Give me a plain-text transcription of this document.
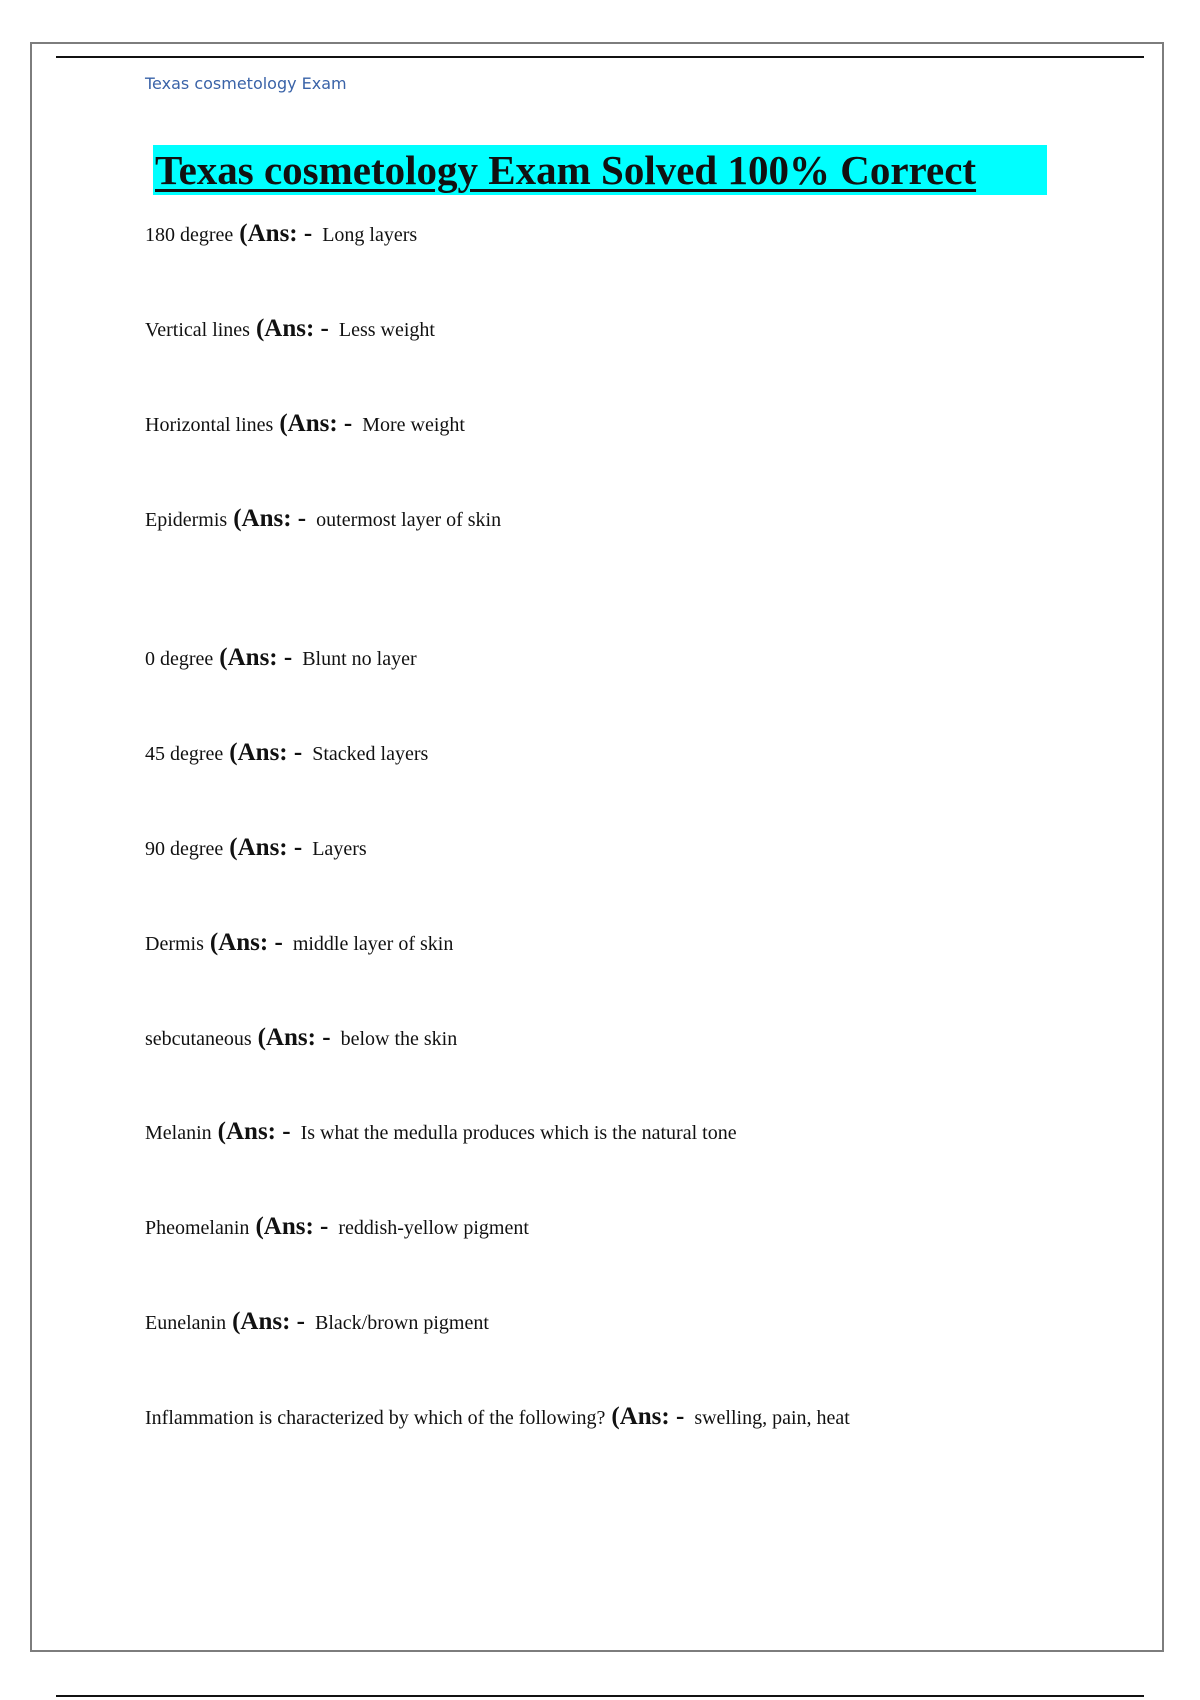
Texas cosmetology Exam
Texas cosmetology Exam Solved 100% Correct
180 degree (Ans: - Long layers
Vertical lines (Ans: - Less weight
Horizontal lines (Ans: - More weight
Epidermis (Ans: - outermost layer of skin
0 degree (Ans: - Blunt no layer
45 degree (Ans: - Stacked layers
90 degree (Ans: - Layers
Dermis (Ans: - middle layer of skin
sebcutaneous (Ans: - below the skin
Melanin (Ans: - Is what the medulla produces which is the natural tone
Pheomelanin (Ans: - reddish-yellow pigment
Eunelanin (Ans: - Black/brown pigment
Inflammation is characterized by which of the following? (Ans: - swelling, pain, heat
